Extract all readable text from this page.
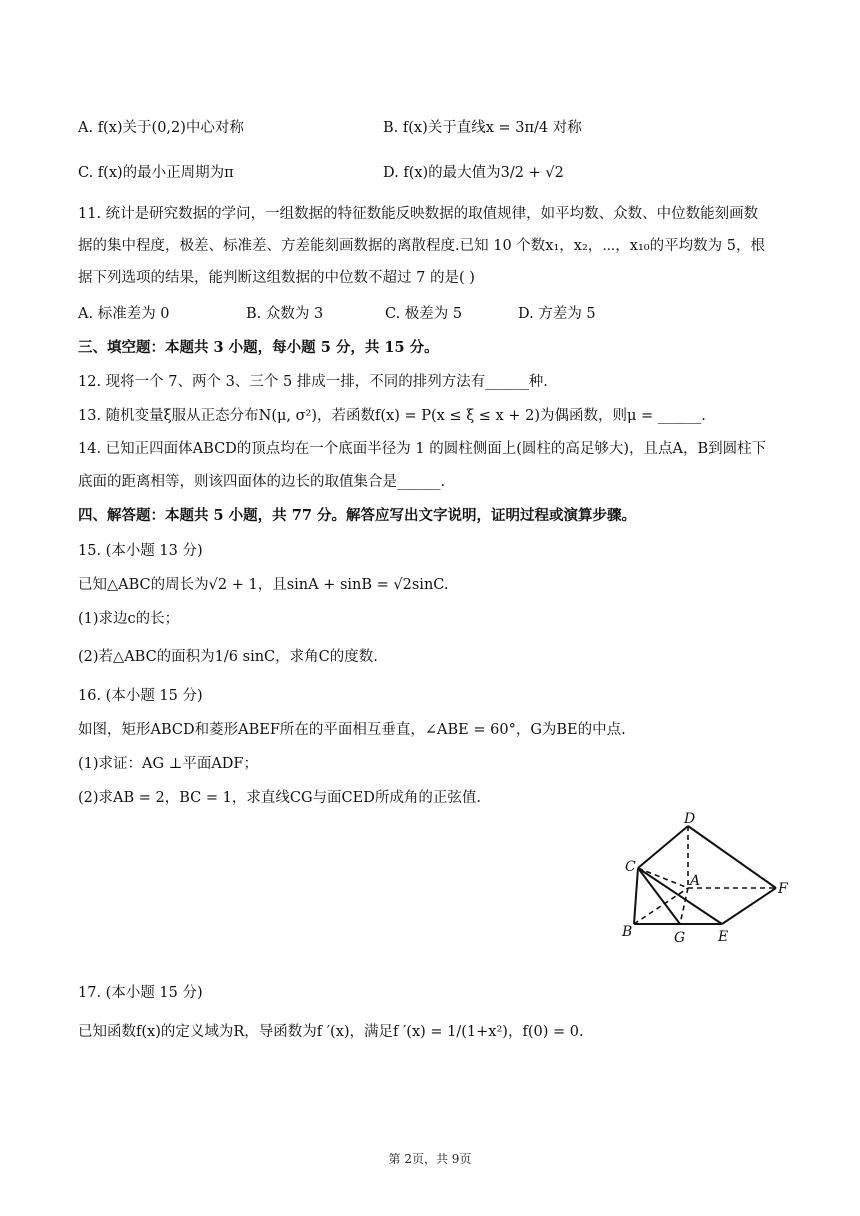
A. f(x)关于(0,2)中心对称	B. f(x)关于直线x = 3π/4 对称
C. f(x)的最小正周期为π	D. f(x)的最大值为3/2 + √2
11. 统计是研究数据的学问，一组数据的特征数能反映数据的取值规律，如平均数、众数、中位数能刻画数
据的集中程度，极差、标准差、方差能刻画数据的离散程度.已知 10 个数x₁，x₂，⋯，x₁₀的平均数为 5，根
据下列选项的结果，能判断这组数据的中位数不超过 7 的是( )
A. 标准差为 0	B. 众数为 3	C. 极差为 5	D. 方差为 5
三、填空题：本题共 3 小题，每小题 5 分，共 15 分。
12. 现将一个 7、两个 3、三个 5 排成一排，不同的排列方法有______种.
13. 随机变量ξ服从正态分布N(μ, σ²)，若函数f(x) = P(x ≤ ξ ≤ x + 2)为偶函数，则μ = ______.
14. 已知正四面体ABCD的顶点均在一个底面半径为 1 的圆柱侧面上(圆柱的高足够大)，且点A，B到圆柱下
底面的距离相等，则该四面体的边长的取值集合是______.
四、解答题：本题共 5 小题，共 77 分。解答应写出文字说明，证明过程或演算步骤。
15. (本小题 13 分)
已知△ABC的周长为√2 + 1，且sinA + sinB = √2sinC.
(1)求边c的长；
(2)若△ABC的面积为1/6 sinC，求角C的度数.
16. (本小题 15 分)
如图，矩形ABCD和菱形ABEF所在的平面相互垂直，∠ABE = 60°，G为BE的中点.
(1)求证：AG ⊥平面ADF；
(2)求AB = 2，BC = 1，求直线CG与面CED所成角的正弦值.
D
C
A	F
B	G E
17. (本小题 15 分)
已知函数f(x)的定义域为R，导函数为f ′(x)，满足f ′(x) = 1/(1+x²)，f(0) = 0.
第 2页，共 9页
